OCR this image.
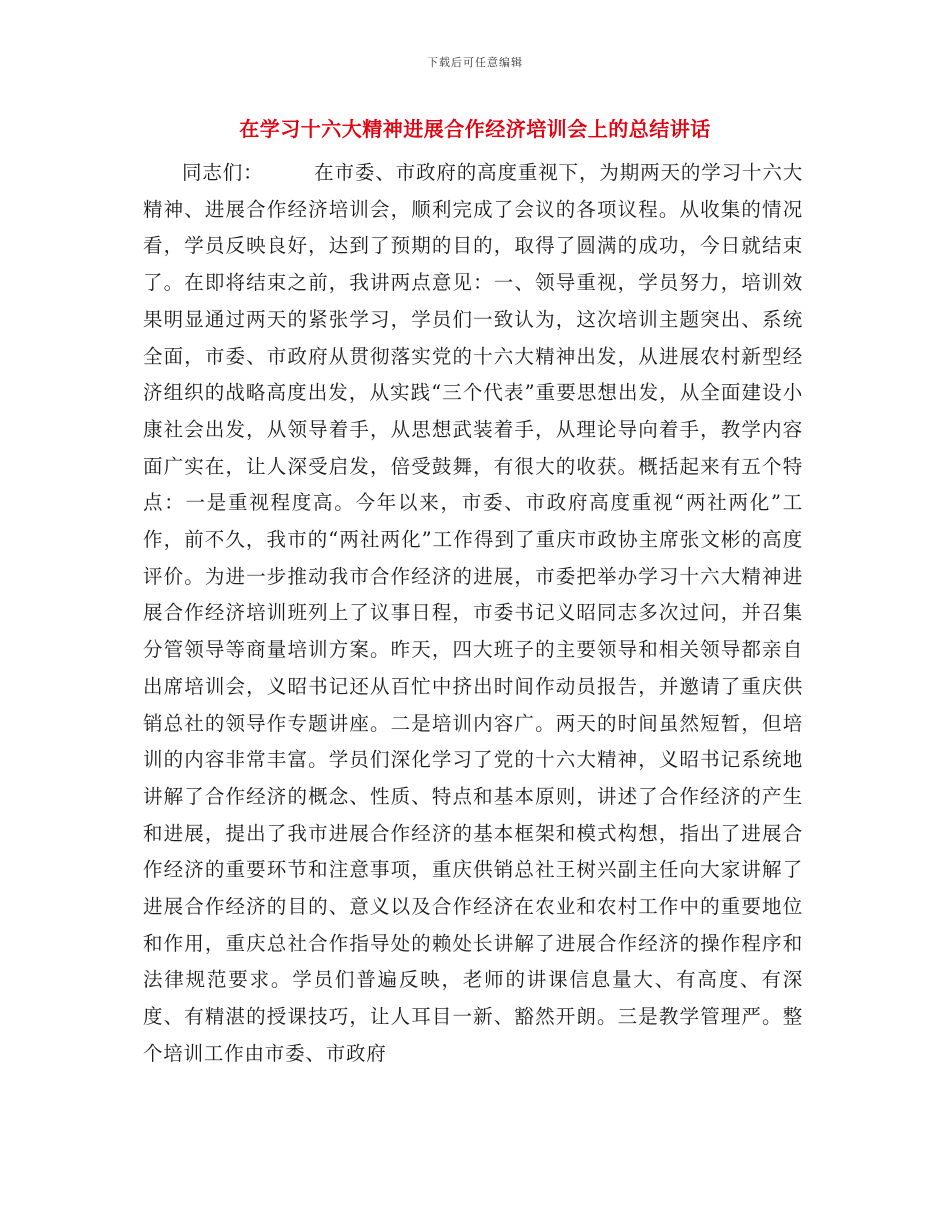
下载后可任意编辑
在学习十六大精神进展合作经济培训会上的总结讲话

同志们：	在市委、市政府的高度重视下，为期两天的学习十六大精神、进展合作经济培训会，顺利完成了会议的各项议程。从收集的情况看，学员反映良好，达到了预期的目的，取得了圆满的成功，今日就结束了。在即将结束之前，我讲两点意见：一、领导重视，学员努力，培训效果明显通过两天的紧张学习，学员们一致认为，这次培训主题突出、系统全面，市委、市政府从贯彻落实党的十六大精神出发，从进展农村新型经济组织的战略高度出发，从实践“三个代表”重要思想出发，从全面建设小康社会出发，从领导着手，从思想武装着手，从理论导向着手，教学内容面广实在，让人深受启发，倍受鼓舞，有很大的收获。概括起来有五个特点：一是重视程度高。今年以来，市委、市政府高度重视“两社两化”工作，前不久，我市的“两社两化”工作得到了重庆市政协主席张文彬的高度评价。为进一步推动我市合作经济的进展，市委把举办学习十六大精神进展合作经济培训班列上了议事日程，市委书记义昭同志多次过问，并召集分管领导等商量培训方案。昨天，四大班子的主要领导和相关领导都亲自出席培训会，义昭书记还从百忙中挤出时间作动员报告，并邀请了重庆供销总社的领导作专题讲座。二是培训内容广。两天的时间虽然短暂，但培训的内容非常丰富。学员们深化学习了党的十六大精神，义昭书记系统地讲解了合作经济的概念、性质、特点和基本原则，讲述了合作经济的产生和进展，提出了我市进展合作经济的基本框架和模式构想，指出了进展合作经济的重要环节和注意事项，重庆供销总社王树兴副主任向大家讲解了进展合作经济的目的、意义以及合作经济在农业和农村工作中的重要地位和作用，重庆总社合作指导处的赖处长讲解了进展合作经济的操作程序和法律规范要求。学员们普遍反映，老师的讲课信息量大、有高度、有深度、有精湛的授课技巧，让人耳目一新、豁然开朗。三是教学管理严。整个培训工作由市委、市政府
